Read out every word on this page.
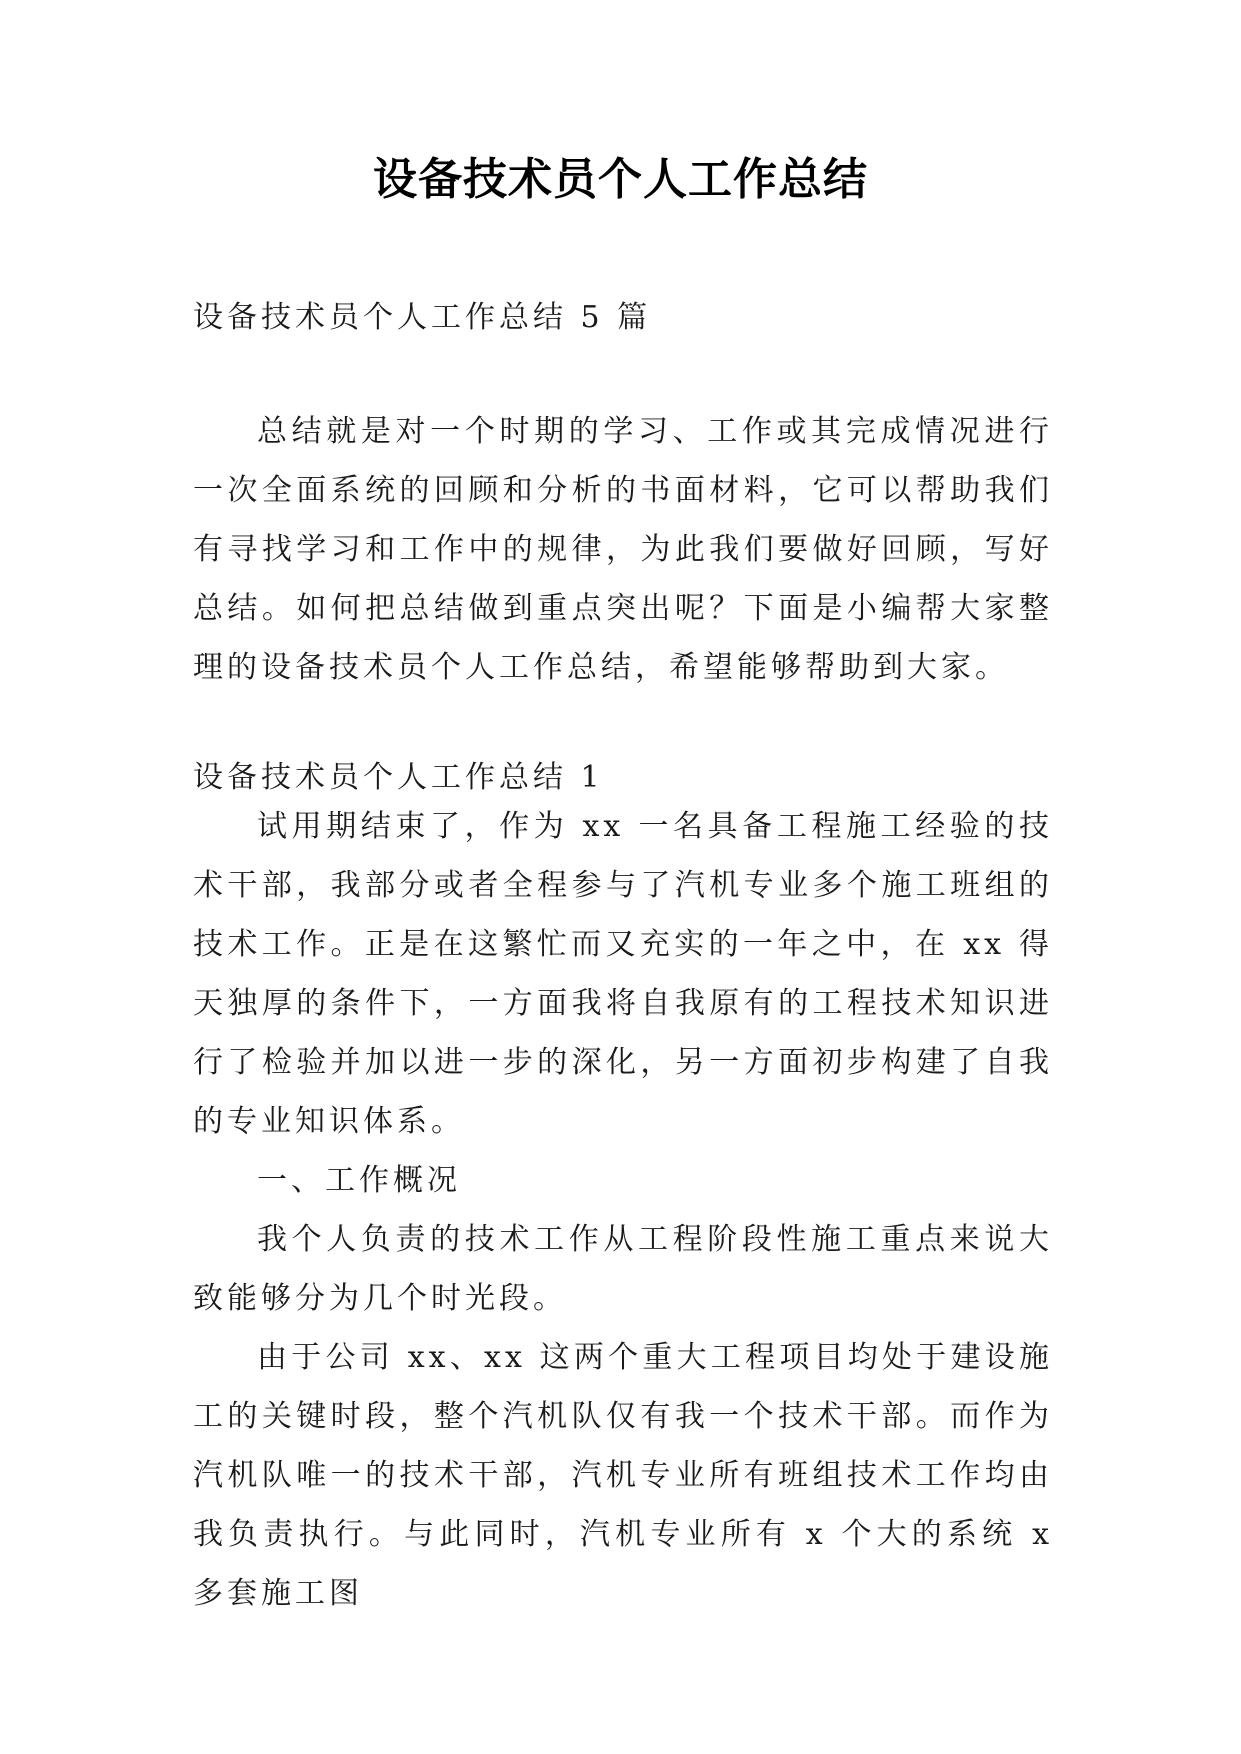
设备技术员个人工作总结

设备技术员个人工作总结 5 篇

总结就是对一个时期的学习、工作或其完成情况进行一次全面系统的回顾和分析的书面材料，它可以帮助我们有寻找学习和工作中的规律，为此我们要做好回顾，写好总结。如何把总结做到重点突出呢？下面是小编帮大家整理的设备技术员个人工作总结，希望能够帮助到大家。

设备技术员个人工作总结 1

试用期结束了，作为 xx 一名具备工程施工经验的技术干部，我部分或者全程参与了汽机专业多个施工班组的技术工作。正是在这繁忙而又充实的一年之中，在 xx 得天独厚的条件下，一方面我将自我原有的工程技术知识进行了检验并加以进一步的深化，另一方面初步构建了自我的专业知识体系。

一、工作概况

我个人负责的技术工作从工程阶段性施工重点来说大致能够分为几个时光段。

由于公司 xx、xx 这两个重大工程项目均处于建设施工的关键时段，整个汽机队仅有我一个技术干部。而作为汽机队唯一的技术干部，汽机专业所有班组技术工作均由我负责执行。与此同时，汽机专业所有 x 个大的系统 x 多套施工图
